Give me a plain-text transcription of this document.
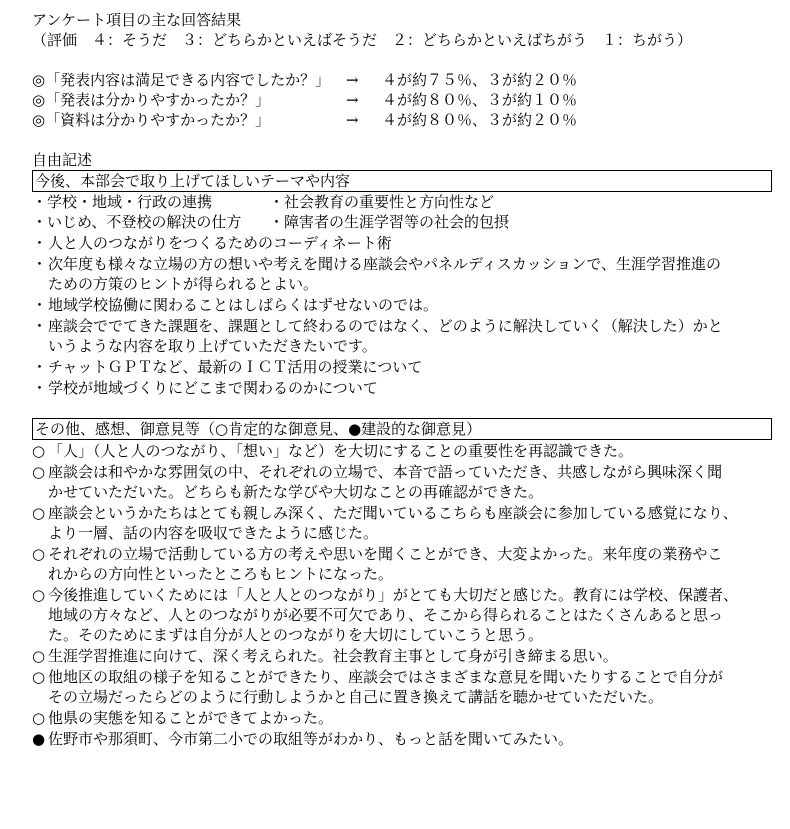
アンケート項目の主な回答結果
（評価　４：そうだ　３：どちらかといえばそうだ　２：どちらかといえばちがう　１：ちがう）
◎「発表内容は満足できる内容でしたか？」	→	４が約７５％、３が約２０％
◎「発表は分かりやすかったか？」	→	４が約８０％、３が約１０％
◎「資料は分かりやすかったか？」	→	４が約８０％、３が約２０％
自由記述
今後、本部会で取り上げてほしいテーマや内容
・学校・地域・行政の連携	・社会教育の重要性と方向性など
・いじめ、不登校の解決の仕方	・障害者の生涯学習等の社会的包摂
・ 人と人のつながりをつくるためのコーディネート術
・ 次年度も様々な立場の方の想いや考えを聞ける座談会やパネルディスカッションで、生涯学習推進の
ための方策のヒントが得られるとよい。
・ 地域学校協働に関わることはしばらくはずせないのでは。
・ 座談会ででてきた課題を、課題として終わるのではなく、どのように解決していく（解決した）かと
いうような内容を取り上げていただきたいです。
・ チャットＧＰＴなど、最新のＩＣＴ活用の授業について
・ 学校が地域づくりにどこまで関わるのかについて
その他、感想、御意見等（○肯定的な御意見、●建設的な御意見）
○ 「人」（人と人のつながり、「想い」など）を大切にすることの重要性を再認識できた。
○ 座談会は和やかな雰囲気の中、それぞれの立場で、本音で語っていただき、共感しながら興味深く聞
かせていただいた。どちらも新たな学びや大切なことの再確認ができた。
○ 座談会というかたちはとても親しみ深く、ただ聞いているこちらも座談会に参加している感覚になり、
より一層、話の内容を吸収できたように感じた。
○ それぞれの立場で活動している方の考えや思いを聞くことができ、大変よかった。来年度の業務やこ
れからの方向性といったところもヒントになった。
○ 今後推進していくためには「人と人とのつながり」がとても大切だと感じた。教育には学校、保護者、
地域の方々など、人とのつながりが必要不可欠であり、そこから得られることはたくさんあると思っ
た。そのためにまずは自分が人とのつながりを大切にしていこうと思う。
○ 生涯学習推進に向けて、深く考えられた。社会教育主事として身が引き締まる思い。
○ 他地区の取組の様子を知ることができたり、座談会ではさまざまな意見を聞いたりすることで自分が
その立場だったらどのように行動しようかと自己に置き換えて講話を聴かせていただいた。
○ 他県の実態を知ることができてよかった。
● 佐野市や那須町、今市第二小での取組等がわかり、もっと話を聞いてみたい。
